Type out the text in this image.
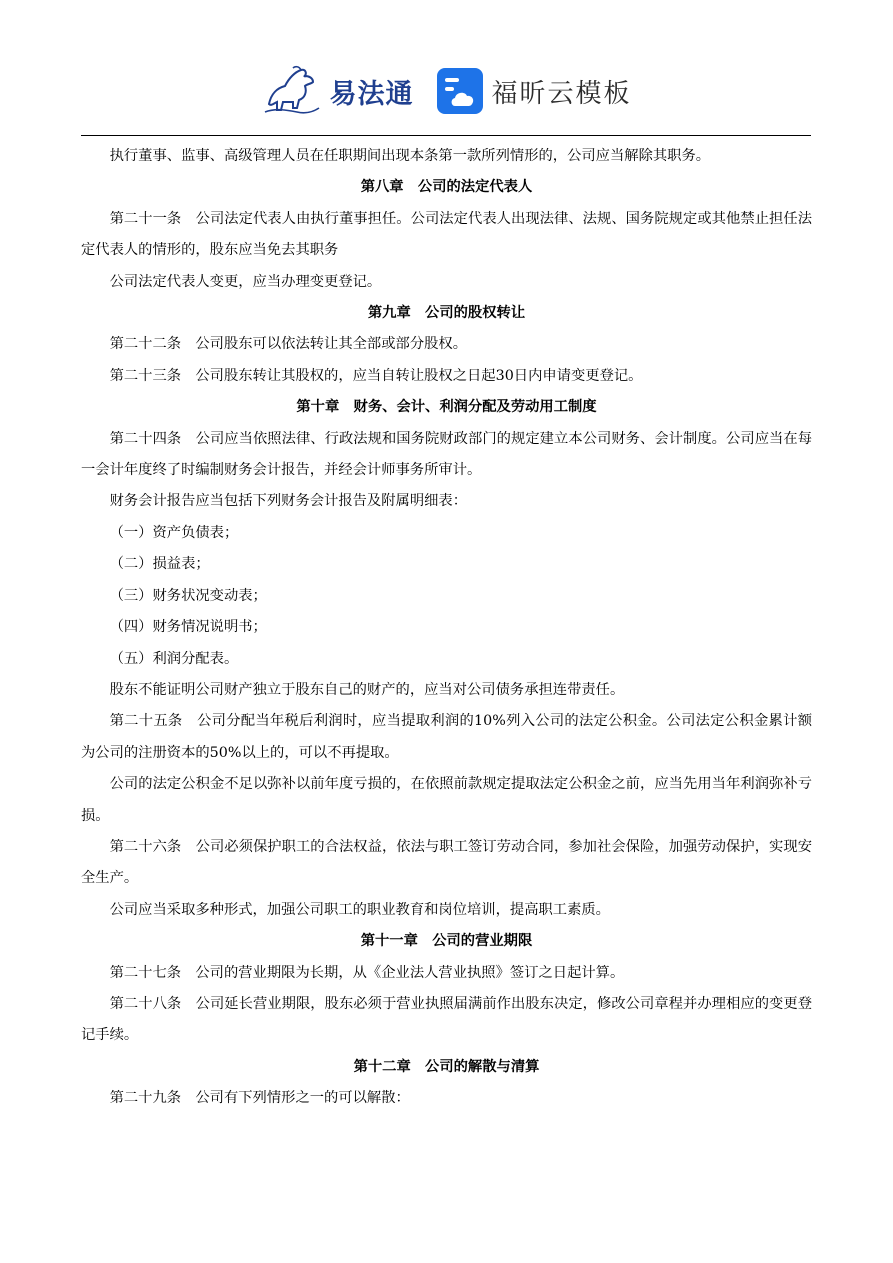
易法通	福昕云模板

执行董事、监事、高级管理人员在任职期间出现本条第一款所列情形的，公司应当解除其职务。

第八章　公司的法定代表人

第二十一条　公司法定代表人由执行董事担任。公司法定代表人出现法律、法规、国务院规定或其他禁止担任法定代表人的情形的，股东应当免去其职务

公司法定代表人变更，应当办理变更登记。

第九章　公司的股权转让

第二十二条　公司股东可以依法转让其全部或部分股权。

第二十三条　公司股东转让其股权的，应当自转让股权之日起30日内申请变更登记。

第十章　财务、会计、利润分配及劳动用工制度

第二十四条　公司应当依照法律、行政法规和国务院财政部门的规定建立本公司财务、会计制度。公司应当在每一会计年度终了时编制财务会计报告，并经会计师事务所审计。

财务会计报告应当包括下列财务会计报告及附属明细表：

（一）资产负债表；

（二）损益表；

（三）财务状况变动表；

（四）财务情况说明书；

（五）利润分配表。

股东不能证明公司财产独立于股东自己的财产的，应当对公司债务承担连带责任。

第二十五条　公司分配当年税后利润时，应当提取利润的10%列入公司的法定公积金。公司法定公积金累计额为公司的注册资本的50%以上的，可以不再提取。

公司的法定公积金不足以弥补以前年度亏损的，在依照前款规定提取法定公积金之前，应当先用当年利润弥补亏损。

第二十六条　公司必须保护职工的合法权益，依法与职工签订劳动合同，参加社会保险，加强劳动保护，实现安全生产。

公司应当采取多种形式，加强公司职工的职业教育和岗位培训，提高职工素质。

第十一章　公司的营业期限

第二十七条　公司的营业期限为长期，从《企业法人营业执照》签订之日起计算。

第二十八条　公司延长营业期限，股东必须于营业执照届满前作出股东决定，修改公司章程并办理相应的变更登记手续。

第十二章　公司的解散与清算

第二十九条　公司有下列情形之一的可以解散：
